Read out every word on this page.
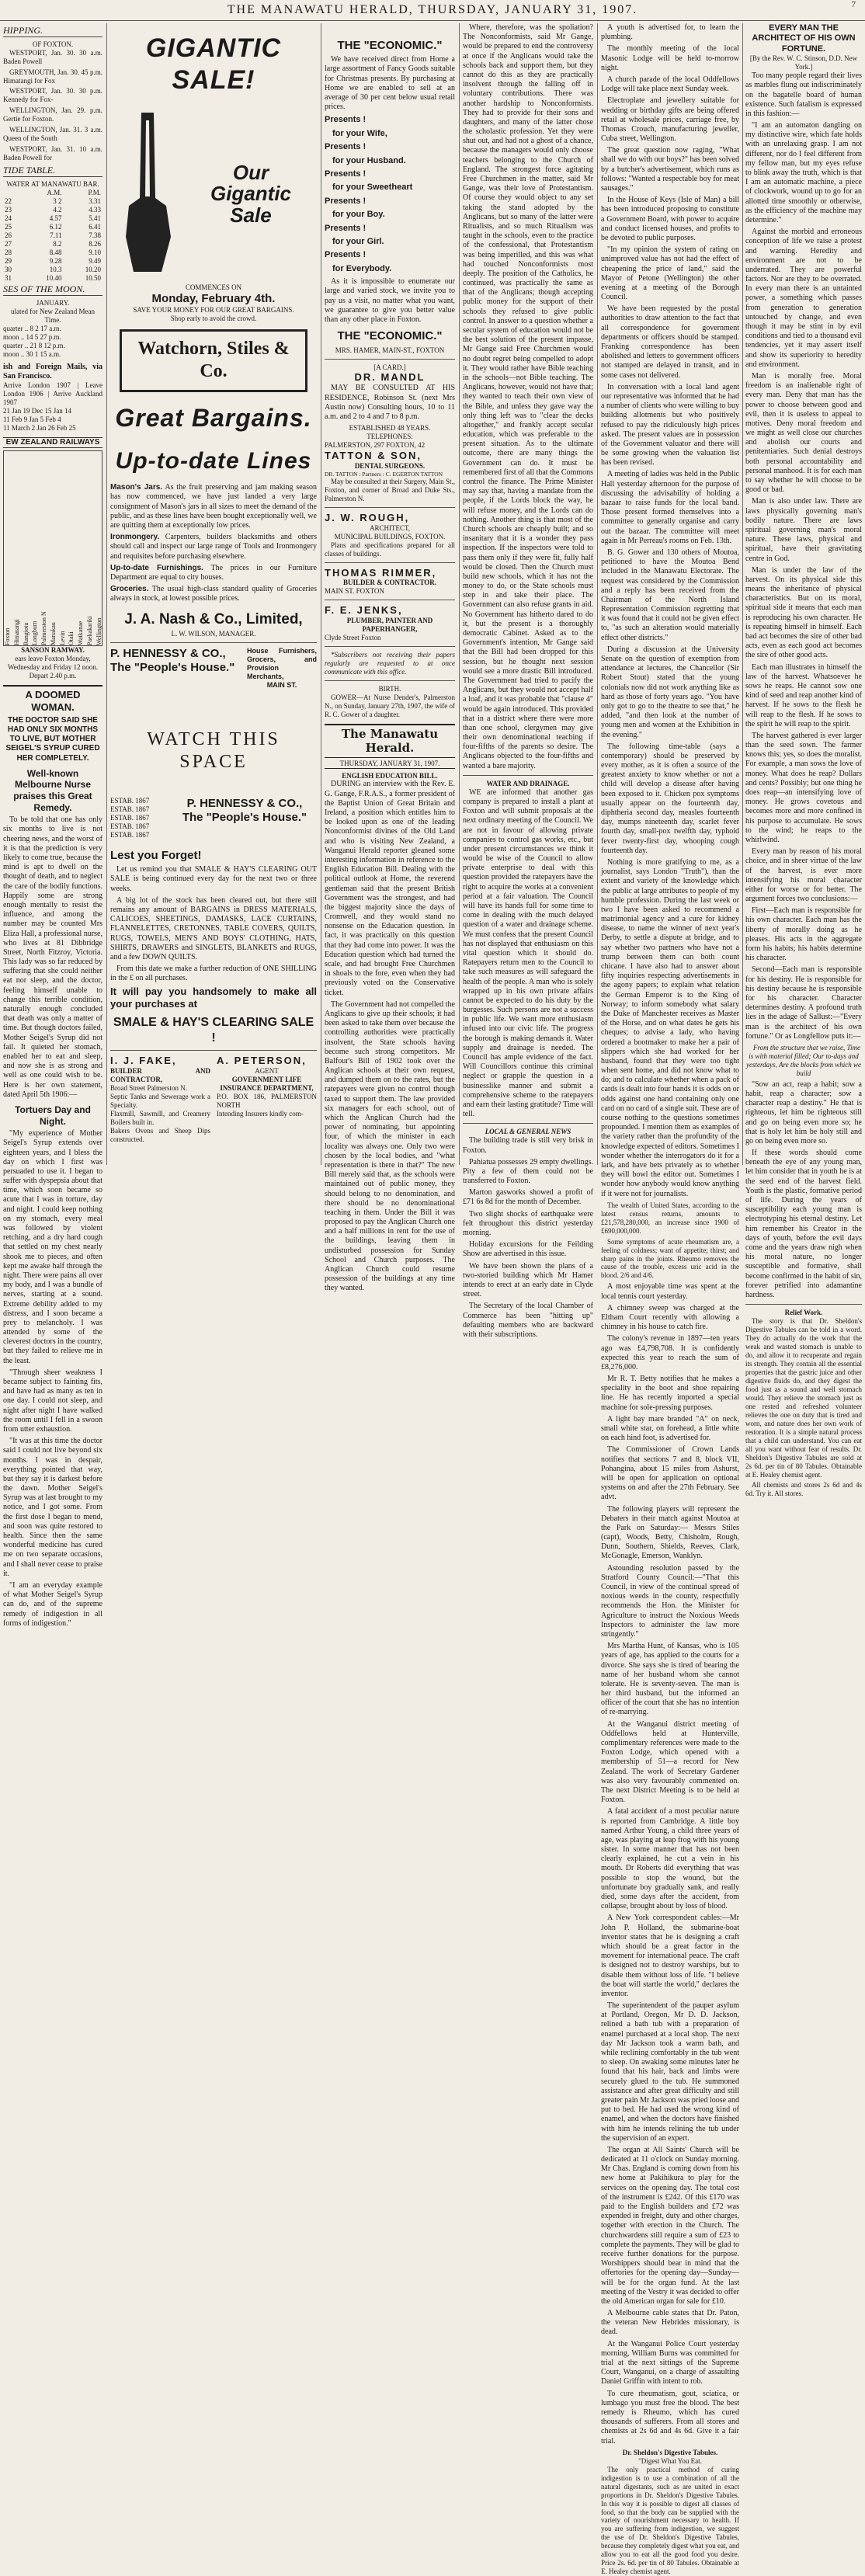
THE MANAWATU HERALD, THURSDAY, JANUARY 31, 1907.	7
HIPPING.
OF FOXTON.

WESTPORT, Jan. 30. 30 a.m. Baden Powell

GREYMOUTH, Jan. 30. 45 p.m. Himatangi for Fox

WESTPORT, Jan. 30. 30 p.m. Kennedy for Fox-

WELLINGTON, Jan. 29. p.m. Gertie for Foxton.

WELLINGTON, Jan. 31. 3 a.m. Queen of the South

WESTPORT, Jan. 31. 10 a.m. Baden Powell for

TIDE TABLE.
WATER AT MANAWATU BAR.
	A.M.	P.M.
22	3 2	3.31
23	4.2	4.33
24	4.57	5.41
25	6.12	6.41
26	7.11	7.38
27	8.2	8.26
28	8.48	9.10
29	9.28	9.49
30	10.3	10.20
31	10.40	10.50
SES OF THE MOON.
JANUARY.
ulated for New Zealand Mean Time.
quarter .. 8 2 17 a.m.
moon .. 14 5 27 p.m.
quarter .. 21 8 12 p.m.
moon .. 30 1 15 a.m.
ish and Foreign Mails, via San Francisco.
Arrive London 1907 | Leave London 1906 | Arrive Auckland 1907
21 Jan 19 Dec 15 Jan 14
11 Feb 9 Jan 5 Feb 4
11 March 2 Jan 26 Feb 25
EW ZEALAND RAILWAYS
Foxton Himatangi Rangiotu Longburn Palmerston N Manakau Levin Otaki Waikanae Paekakariki Wellington
SANSON RAMWAY.
ears leave Foxton Monday, Wednesday and Friday 12 noon. Depart 2.40 p.m.
A DOOMED WOMAN.
THE DOCTOR SAID SHE HAD ONLY SIX MONTHS TO LIVE, BUT MOTHER SEIGEL'S SYRUP CURED HER COMPLETELY.
Well-known Melbourne Nurse praises this Great Remedy.

To be told that one has only six months to live is not cheering news, and the worst of it is that the prediction is very likely to come true, because the mind is apt to dwell on the thought of death, and to neglect the care of the bodily functions. Happily some are strong enough mentally to resist the influence, and among the number may be counted Mrs Eliza Hall, a professional nurse, who lives at 81 Dibbridge Street, North Fitzroy, Victoria. This lady was so far reduced by suffering that she could neither eat nor sleep, and the doctor, feeling himself unable to change this terrible condition, naturally enough concluded that death was only a matter of time. But though doctors failed, Mother Seigel's Syrup did not fail. It quieted her stomach, enabled her to eat and sleep, and now she is as strong and well as one could wish to be. Here is her own statement, dated April 5th 1906:—

Tortuers Day and Night.

"My experience of Mother Seigel's Syrup extends over eighteen years, and I bless the day on which I first was persuaded to use it. I began to suffer with dyspepsia about that time, which soon became so acute that I was in torture, day and night. I could keep nothing on my stomach, every meal was followed by violent retching, and a dry hard cough that settled on my chest nearly shook me to pieces, and often kept me awake half through the night. There were pains all over my body, and I was a bundle of nerves, starting at a sound. Extreme debility added to my distress, and I soon became a prey to melancholy. I was attended by some of the cleverest doctors in the country, but they failed to relieve me in the least.

"Through sheer weakness I became subject to fainting fits, and have had as many as ten in one day. I could not sleep, and night after night I have walked the room until I fell in a swoon from utter exhaustion.

"It was at this time the doctor said I could not live beyond six months. I was in despair, everything pointed that way, but they say it is darkest before the dawn. Mother Seigel's Syrup was at last brought to my notice, and I got some. From the first dose I began to mend, and soon was quite restored to health. Since then the same wonderful medicine has cured me on two separate occasions, and I shall never cease to praise it.

"I am an everyday example of what Mother Seigel's Syrup can do, and of the supreme remedy of indigestion in all forms of indigestion."

GIGANTIC SALE!
Our
Gigantic
Sale
COMMENCES ON
Monday, February 4th.
SAVE YOUR MONEY FOR OUR GREAT BARGAINS.
Shop early to avoid the crowd.
Watchorn, Stiles & Co.
Great Bargains.
Up-to-date Lines

Mason's Jars. As the fruit preserving and jam making season has now commenced, we have just landed a very large consignment of Mason's jars in all sizes to meet the demand of the public, and as these lines have been bought exceptionally well, we are quitting them at exceptionally low prices.

Ironmongery. Carpenters, builders blacksmiths and others should call and inspect our large range of Tools and Ironmongery and requisites before purchasing elsewhere.

Up-to-date Furnishings. The prices in our Furniture Department are equal to city houses.

Groceries. The usual high-class standard quality of Groceries always in stock, at lowest possible prices.

J. A. Nash & Co., Limited,
L. W. WILSON, MANAGER.
P. HENNESSY & CO.,
The "People's House."
House Furnishers, Grocers, and Provision Merchants,
MAIN ST.
WATCH THIS SPACE
ESTAB. 1867
ESTAB. 1867
ESTAB. 1867
ESTAB. 1867
ESTAB. 1867
P. HENNESSY & CO.,
The "People's House."
Lest you Forget!

Let us remind you that SMALE & HAY'S CLEARING OUT SALE is being continued every day for the next two or three weeks.

A big lot of the stock has been cleared out, but there still remains any amount of BARGAINS in DRESS MATERIALS, CALICOES, SHEETINGS, DAMASKS, LACE CURTAINS, FLANNELETTES, CRETONNES, TABLE COVERS, QUILTS, RUGS, TOWELS, MEN'S AND BOYS' CLOTHING, HATS, SHIRTS, DRAWERS and SINGLETS, BLANKETS and RUGS, and a few DOWN QUILTS.

From this date we make a further reduction of ONE SHILLING in the £ on all purchases.

It will pay you handsomely to make all your purchases at
SMALE & HAY'S CLEARING SALE !
I. J. FAKE,
BUILDER AND CONTRACTOR,
Broad Street Palmerston N.
Septic Tanks and Sewerage work a Specialty.
Flaxmill, Sawmill, and Creamery Boilers built in.
Bakers Ovens and Sheep Dips constructed.
A. PETERSON,
AGENT
GOVERNMENT LIFE INSURANCE DEPARTMENT,
P.O. BOX 186, PALMERSTON NORTH
Intending Insurers kindly com-
THE "ECONOMIC."

We have received direct from Home a large assortment of Fancy Goods suitable for Christmas presents. By purchasing at Home we are enabled to sell at an average of 30 per cent below usual retail prices.

Presents !

for your Wife,

Presents !

for your Husband.

Presents !

for your Sweetheart

Presents !

for your Boy.

Presents !

for your Girl.

Presents !

for Everybody.

As it is impossible to enumerate our large and varied stock, we invite you to pay us a visit, no matter what you want, we guarantee to give you better value than any other place in Foxton.

THE "ECONOMIC."
MRS. HAMER, MAIN-ST., FOXTON
[A CARD.]
DR. MANDL

MAY BE CONSULTED AT HIS RESIDENCE, Robinson St. (next Mrs Austin now) Consulting hours, 10 to 11 a.m. and 2 to 4 and 7 to 8 p.m.

ESTABLISHED 48 YEARS.
TELEPHONES:
PALMERSTON, 297 FOXTON, 42
TATTON & SON,
DENTAL SURGEONS.
DR. TATTON : Partners : C. EGERTON TATTON

May be consulted at their Surgery, Main St., Foxton, and corner of Broad and Duke Sts., Palmerston N.

J. W. ROUGH,
ARCHITECT,
MUNICIPAL BUILDINGS, FOXTON.

Plans and specifications prepared for all classes of buildings.

THOMAS RIMMER,
BUILDER & CONTRACTOR.
MAIN ST. FOXTON
F. E. JENKS,
PLUMBER, PAINTER AND PAPERHANGER,
Clyde Street Foxton

*Subscribers not receiving their papers regularly are requested to at once communicate with this office.

BIRTH.

GOWER—At Nurse Dender's, Palmerston N., on Sunday, January 27th, 1907, the wife of R. C. Gower of a daughter.

The Manawatu Herald.
THURSDAY, JANUARY 31, 1907.
ENGLISH EDUCATION BILL.

DURING an interview with the Rev. E. G. Gange, F.R.A.S., a former president of the Baptist Union of Great Britain and Ireland, a position which entitles him to be looked upon as one of the leading Nonconformist divines of the Old Land and who is visiting New Zealand, a Wanganui Herald reporter gleaned some interesting information in reference to the English Education Bill. Dealing with the political outlook at Home, the reverend gentleman said that the present British Government was the strongest, and had the biggest majority since the days of Cromwell, and they would stand no nonsense on the Education question. In fact, it was practically on this question that they had come into power. It was the Education question which had turned the scale, and had brought Free Churchmen in shoals to the fore, even when they had previously voted on the Conservative ticket.

The Government had not compelled the Anglicans to give up their schools; it had been asked to take them over because the controlling authorities were practically insolvent, the State schools having become such strong competitors. Mr Balfour's Bill of 1902 took over the Anglican schools at their own request, and dumped them on to the rates, but the ratepayers were given no control though taxed to support them. The law provided six managers for each school, out of which the Anglican Church had the power of nominating, but appointing four, of which the minister in each locality was always one. Only two were chosen by the local bodies, and "what representation is there in that?" The new Bill merely said that, as the schools were maintained out of public money, they should belong to no denomination, and there should be no denominational teaching in them. Under the Bill it was proposed to pay the Anglican Church one and a half millions in rent for the use of the buildings, leaving them in undisturbed possession for Sunday School and Church purposes. The Anglican Church could resume possession of the buildings at any time they wanted.

Where, therefore, was the spoliation? The Nonconformists, said Mr Gange, would be prepared to end the controversy at once if the Anglicans would take the schools back and support them, but they cannot do this as they are practically insolvent through the falling off in voluntary contributions. There was another hardship to Nonconformists. They had to provide for their sons and daughters, and many of the latter chose the scholastic profession. Yet they were shut out, and had not a ghost of a chance, because the managers would only choose teachers belonging to the Church of England. The strongest force agitating Free Churchmen in the matter, said Mr Gange, was their love of Protestantism. Of course they would object to any set taking the stand adopted by the Anglicans, but so many of the latter were Ritualists, and so much Ritualism was taught in the schools, even to the practice of the confessional, that Protestantism was being imperilled, and this was what had touched Nonconformists most deeply. The position of the Catholics, he continued, was practically the same as that of the Anglicans; though accepting public money for the support of their schools they refused to give public control. In answer to a question whether a secular system of education would not be the best solution of the present impasse, Mr Gange said Free Churchmen would no doubt regret being compelled to adopt it. They would rather have Bible teaching in the schools—not Bible teaching. The Anglicans, however, would not have that; they wanted to teach their own view of the Bible, and unless they gave way the only thing left was to "clear the decks altogether," and frankly accept secular education, which was preferable to the present situation. As to the ultimate outcome, there are many things the Government can do. It must be remembered first of all that the Commons control the finance. The Prime Minister may say that, having a mandate from the people, if the Lords block the way, he will refuse money, and the Lords can do nothing. Another thing is that most of the Church schools are cheaply built; and so insanitary that it is a wonder they pass inspection. If the inspectors were told to pass them only if they were fit, fully half would be closed. Then the Church must build new schools, which it has not the money to do, or the State schools must step in and take their place. The Government can also refuse grants in aid. No Government has hitherto dared to do it, but the present is a thoroughly democratic Cabinet. Asked as to the Government's intention, Mr Gange said that the Bill had been dropped for this session, but he thought next session would see a more drastic Bill introduced. The Government had tried to pacify the Anglicans, but they would not accept half a loaf, and it was probable that "clause 4" would be again introduced. This provided that in a district where there were more than one school, clergymen may give their own denominational teaching if four-fifths of the parents so desire. The Anglicans objected to the four-fifths and wanted a bare majority.

WATER AND DRAINAGE.

WE are informed that another gas company is prepared to install a plant at Foxton and will submit proposals at the next ordinary meeting of the Council. We are not in favour of allowing private companies to control gas works, etc., but under present circumstances we think it would be wise of the Council to allow private enterprise to deal with this question provided the ratepayers have the right to acquire the works at a convenient period at a fair valuation. The Council will have its hands full for some time to come in dealing with the much delayed question of a water and drainage scheme. We must confess that the present Council has not displayed that enthusiasm on this vital question which it should do. Ratepayers return men to the Council to take such measures as will safeguard the health of the people. A man who is solely wrapped up in his own private affairs cannot be expected to do his duty by the burgesses. Such persons are not a success in public life. We want more enthusiasm infused into our civic life. The progress the borough is making demands it. Water supply and drainage is needed. The Council has ample evidence of the fact. Will Councillors continue this criminal neglect or grapple the question in a businesslike manner and submit a comprehensive scheme to the ratepayers and earn their lasting gratitude? Time will tell.

LOCAL & GENERAL NEWS

The building trade is still very brisk in Foxton.

Pahiatua possesses 29 empty dwellings. Pity a few of them could not be transferred to Foxton.

Marton gasworks showed a profit of £71 6s 8d for the month of December.

Two slight shocks of earthquake were felt throughout this district yesterday morning.

Holiday excursions for the Feilding Show are advertised in this issue.

We have been shown the plans of a two-storied building which Mr Hamer intends to erect at an early date in Clyde street.

The Secretary of the local Chamber of Commerce has been "hitting up" defaulting members who are backward with their subscriptions.

A youth is advertised for, to learn the plumbing.

The monthly meeting of the local Masonic Lodge will be held to-morrow night.

A church parade of the local Oddfellows Lodge will take place next Sunday week.

Electroplate and jewellery suitable for wedding or birthday gifts are being offered retail at wholesale prices, carriage free, by Thomas Crouch, manufacturing jeweller, Cuba street, Wellington.

The great question now raging, "What shall we do with our boys?" has been solved by a butcher's advertisement, which runs as follows: "Wanted a respectable boy for meat sausages."

In the House of Keys (Isle of Man) a bill has been introduced proposing to constitute a Government Board, with power to acquire and conduct licensed houses, and profits to be devoted to public purposes.

"In my opinion the system of rating on unimproved value has not had the effect of cheapening the price of land," said the Mayor of Petone (Wellington) the other evening at a meeting of the Borough Council.

We have been requested by the postal authorities to draw attention to the fact that all correspondence for government departments or officers should be stamped. Franking correspondence has been abolished and letters to government officers not stamped are delayed in transit, and in some cases not delivered.

In conversation with a local land agent our representative was informed that he had a number of clients who were willing to buy building allotments but who positively refused to pay the ridiculously high prices asked. The present values are in possession of the Government valuator and there will be some growing when the valuation list has been revised.

A meeting of ladies was held in the Public Hall yesterday afternoon for the purpose of discussing the advisability of holding a bazaar to raise funds for the local band. Those present formed themselves into a committee to generally organise and carry out the bazaar. The committee will meet again in Mr Perreau's rooms on Feb. 13th.

B. G. Gower and 130 others of Moutoa, petitioned to have the Moutoa Bend included in the Manawatu Electorate. The request was considered by the Commission and a reply has been received from the Chairman of the North Island Representation Commission regretting that it was found that it could not be given effect to, "as such an alteration would materially effect other districts."

During a discussion at the University Senate on the question of exemption from attendance at lectures, the Chancellor (Sir Robert Stout) stated that the young colonials now did not work anything like as hard as those of forty years ago. "You have only got to go to the theatre to see that," he added, "and then look at the number of young men and women at the Exhibition in the evening."

The following time-table (says a contemporary) should be preserved by every mother, as it is often a source of the greatest anxiety to know whether or not a child will develop a disease after having been exposed to it. Chicken pox symptoms usually appear on the fourteenth day, diphtheria second day, measles fourteenth day, mumps nineteenth day, scarlet fever fourth day, small-pox twelfth day, typhoid fever twenty-first day, whooping cough fourteenth day.

Nothing is more gratifying to me, as a journalist, says London "Truth"), than the extent and variety of the knowledge which the public at large attributes to people of my humble profession. During the last week or two I have been asked to recommend a matrimonial agency and a cure for kidney disease, to name the winner of next year's Derby, to settle a dispute at bridge, and to say whether two partners who have not a trump between them can both count chicane. I have also had to answer about fifty inquiries respecting advertisements in the agony papers; to explain what relation the German Emperor is to the King of Norway; to inform somebody what salary the Duke of Manchester receives as Master of the Horse, and on what dates he gets his cheques; to advise a lady, who having ordered a bootmaker to make her a pair of slippers which she had worked for her husband, found that they were too tight when sent home, and did not know what to do; and to calculate whether when a pack of cards is dealt into four hands it is odds on or odds against one hand containing only one card on no card of a single suit. These are of course nothing to the questions sometimes propounded. I mention them as examples of the variety rather than the profundity of the knowledge expected of editors. Sometimes I wonder whether the interrogators do it for a lark, and have bets privately as to whether they will bowl the editor out. Sometimes I wonder how anybody would know anything if it were not for journalists.

The wealth of United States, according to the latest census returns, amounts to £21,578,280,000, an increase since 1900 of £690,000,000.

Some symptoms of acute rheumatism are, a feeling of coldness; want of appetite; thirst; and sharp pains in the joints. Rheumo removes the cause of the trouble, excess uric acid in the blood. 2/6 and 4/6.

A most enjoyable time was spent at the local tennis court yesterday.

A chimney sweep was charged at the Eltham Court recently with allowing a chimney in his house to catch fire.

The colony's revenue in 1897—ten years ago was £4,798,708. It is confidently expected this year to reach the sum of £8,276,000.

Mr R. T. Betty notifies that he makes a speciality in the boot and shoe repairing line. He has recently imported a special machine for sole-pressing purposes.

A light bay mare branded "A" on neck, small white star, on forehead, a little white on each hind foot, is advertised for.

The Commissioner of Crown Lands notifies that sections 7 and 8, block VII, Pohangina, about 15 miles from Ashurst, will be open for application on optional systems on and after the 27th February. See advt.

The following players will represent the Debaters in their match against Moutoa at the Park on Saturday:— Messrs Stiles (capt), Woods, Betty, Chisholm, Rough, Dunn, Southern, Shields, Reeves, Clark, McGonagle, Emerson, Wanklyn.

Astounding resolution passed by the Stratford County Council:—"That this Council, in view of the continual spread of noxious weeds in the county, respectfully recommends the Hon. the Minister for Agriculture to instruct the Noxious Weeds Inspectors to administer the law more stringently."

Mrs Martha Hunt, of Kansas, who is 105 years of age, has applied to the courts for a divorce. She says she is tired of bearing the name of her husband whom she cannot tolerate. He is seventy-seven. The man is her third husband, but the informed an officer of the court that she has no intention of re-marrying.

At the Wanganui district meeting of Oddfellows held at Hunterville, complimentary references were made to the Foxton Lodge, which opened with a membership of 51—a record for New Zealand. The work of Secretary Gardener was also very favourably commented on. The next District Meeting is to be held at Foxton.

A fatal accident of a most peculiar nature is reported from Cambridge. A little boy named Arthur Young, a child three years of age, was playing at leap frog with his young sister. In some manner that has not been clearly explained, he cut a vein in his mouth. Dr Roberts did everything that was possible to stop the wound, but the unfortunate boy gradually sank, and really died, some days after the accident, from collapse, brought about by loss of blood.

A New York correspondent cables:—Mr John P. Holland, the submarine-boat inventor states that he is designing a craft which should be a great factor in the movement for international peace. The craft is designed not to destroy warships, but to disable them without loss of life. "I believe the boat will startle the world," declares the inventor.

The superintendent of the pauper asylum at Portland, Oregon, Mr D. D. Jackson, relined a bath tub with a preparation of enamel purchased at a local shop. The next day Mr Jackson took a warm bath, and while reclining comfortably in the tub went to sleep. On awaking some minutes later he found that his hair, back and limbs were securely glued to the tub. He summoned assistance and after great difficulty and still greater pain Mr Jackson was pried loose and put to bed. He had used the wrong kind of enamel, and when the doctors have finished with him he intends relining the tub under the supervision of an expert.

The organ at All Saints' Church will be dedicated at 11 o'clock on Sunday morning. Mr Chas. England is coming down from his new home at Pakihikura to play for the services on the opening day. The total cost of the instrument is £242. Of this £170 was paid to the English builders and £72 was expended in freight, duty and other charges, together with erection in the Church. The churchwardens still require a sum of £23 to complete the payments. They will be glad to receive further donations for the purpose. Worshippers should bear in mind that the offertories for the opening day—Sunday—will be for the organ fund. At the last meeting of the Vestry it was decided to offer the old American organ for sale for £10.

A Melbourne cable states that Dr. Paton, the veteran New Hebrides missionary, is dead.

At the Wanganui Police Court yesterday morning, William Burns was committed for trial at the next sittings of the Supreme Court, Wanganui, on a charge of assaulting Daniel Griffin with intent to rob.

To cure rheumatism, gout, sciatica, or lumbago you must free the blood. The best remedy is Rheumo, which has cured thousands of sufferers. From all stores and chemists at 2s 6d and 4s 6d. Give it a fair trial.

Dr. Sheldon's Digestive Tabules.
"Digest What You Eat.

The only practical method of curing indigestion is to use a combination of all the natural digestants, such as are united in exact proportions in Dr. Sheldon's Digestive Tabules. In this way it is possible to digest all classes of food, so that the body can be supplied with the variety of nourishment necessary to health. If you are suffering from indigestion, we suggest the use of Dr. Sheldon's Digestive Tabules, because they completely digest what you eat, and allow you to eat all the good food you desire. Price 2s. 6d. per tin of 80 Tabules. Obtainable at E. Healey chemist agent.

EVERY MAN THE ARCHITECT OF HIS OWN FORTUNE.
[By the Rev. W. C. Stinson, D.D. New York.]

Too many people regard their lives as marbles flung out indiscriminately on the bagatelle board of human existence. Such fatalism is expressed in this fashion:—

"I am an automaton dangling on my distinctive wire, which fate holds with an unrelaxing grasp. I am not different, nor do I feel different from my fellow man, but my eyes refuse to blink away the truth, which is that I am an automatic machine, a piece of clockwork, wound up to go for an allotted time smoothly or otherwise, as the efficiency of the machine may determine."

Against the morbid and erroneous conception of life we raise a protest and warning. Heredity and environment are not to be underrated. They are powerful factors. Nor are they to be overrated. In every man there is an untainted power, a something which passes from generation to generation untouched by change, and even though it may be stint in by evil conditions and tied to a thousand evil tendencies, yet it may assert itself and show its superiority to heredity and environment.

Man is morally free. Moral freedom is an inalienable right of every man. Deny that man has the power to choose between good and evil, then it is useless to appeal to motives. Deny moral freedom and we might as well close our churches and abolish our courts and penitentiaries. Such denial destroys both personal accountability and personal manhood. It is for each man to say whether he will choose to be good or bad.

Man is also under law. There are laws physically governing man's bodily nature. There are laws spiritual governing man's moral nature. These laws, physical and spiritual, have their gravitating centre in God.

Man is under the law of the harvest. On its physical side this means the inheritance of physical characteristics. But on its moral, spiritual side it means that each man is reproducing his own character. He is repeating himself in himself. Each bad act becomes the sire of other bad acts, even as each good act becomes the sire of other good acts.

Each man illustrates in himself the law of the harvest. Whatsoever he sows he reaps. He cannot sow one kind of seed and reap another kind of harvest. If he sows to the flesh he will reap to the flesh. If he sows to the spirit he will reap to the spirit.

The harvest gathered is ever larger than the seed sown. The farmer knows this; yes, so does the moralist. For example, a man sows the love of money. What does he reap? Dollars and cents? Possibly; but one thing he does reap—an intensifying love of money. He grows covetous and becomes more and more confined in his purpose to accumulate. He sows to the wind; he reaps to the whirlwind.

Every man by reason of his moral choice, and in sheer virtue of the law of the harvest, is ever more intensifying his moral character either for worse or for better. The argument forces two conclusions:—

First—Each man is responsible for his own character. Each man has the liberty of morally doing as he pleases. His acts in the aggregate form his habits; his habits determine his character.

Second—Each man is responsible for his destiny. He is responsible for his destiny because he is responsible for his character. Character determines destiny. A profound truth lies in the adage of Sallust:—"Every man is the architect of his own fortune." Or as Longfellow puts it:—

From the structure that we raise, Time is with material filled; Our to-days and yesterdays, Are the blocks from which we build

"Sow an act, reap a habit; sow a habit, reap a character; sow a character reap a destiny." He that is righteous, let him be righteous still and go on being even more so; he that is holy let him be holy still and go on being even more so.

If these words should come beneath the eye of any young man, let him consider that in youth he is at the seed end of the harvest field. Youth is the plastic, formative period of life. During the years of susceptibility each young man is electrotyping his eternal destiny. Let him remember his Creator in the days of youth, before the evil days come and the years draw nigh when his moral nature, no longer susceptible and formative, shall become confirmed in the habit of sin, forever petrified into adamantine hardness.

Relief Work.

The story is that Dr. Sheldon's Digestive Tabules can be told in a word. They do actually do the work that the weak and wasted stomach is unable to do, and allow it to recuperate and regain its strength. They contain all the essential properties that the gastric juice and other digestive fluids do, and they digest the food just as a sound and well stomach would. They relieve the stomach just as one rested and refreshed volunteer relieves the one on duty that is tired and worn, and nature does her own work of restoration. It is a simple natural process that a child can understand. You can eat all you want without fear of results. Dr. Sheldon's Digestive Tabules are sold at 2s 6d. per tin of 80 Tabules. Obtainable at E. Healey chemist agent.

All chemists and stores 2s 6d and 4s 6d. Try it. All stores.
